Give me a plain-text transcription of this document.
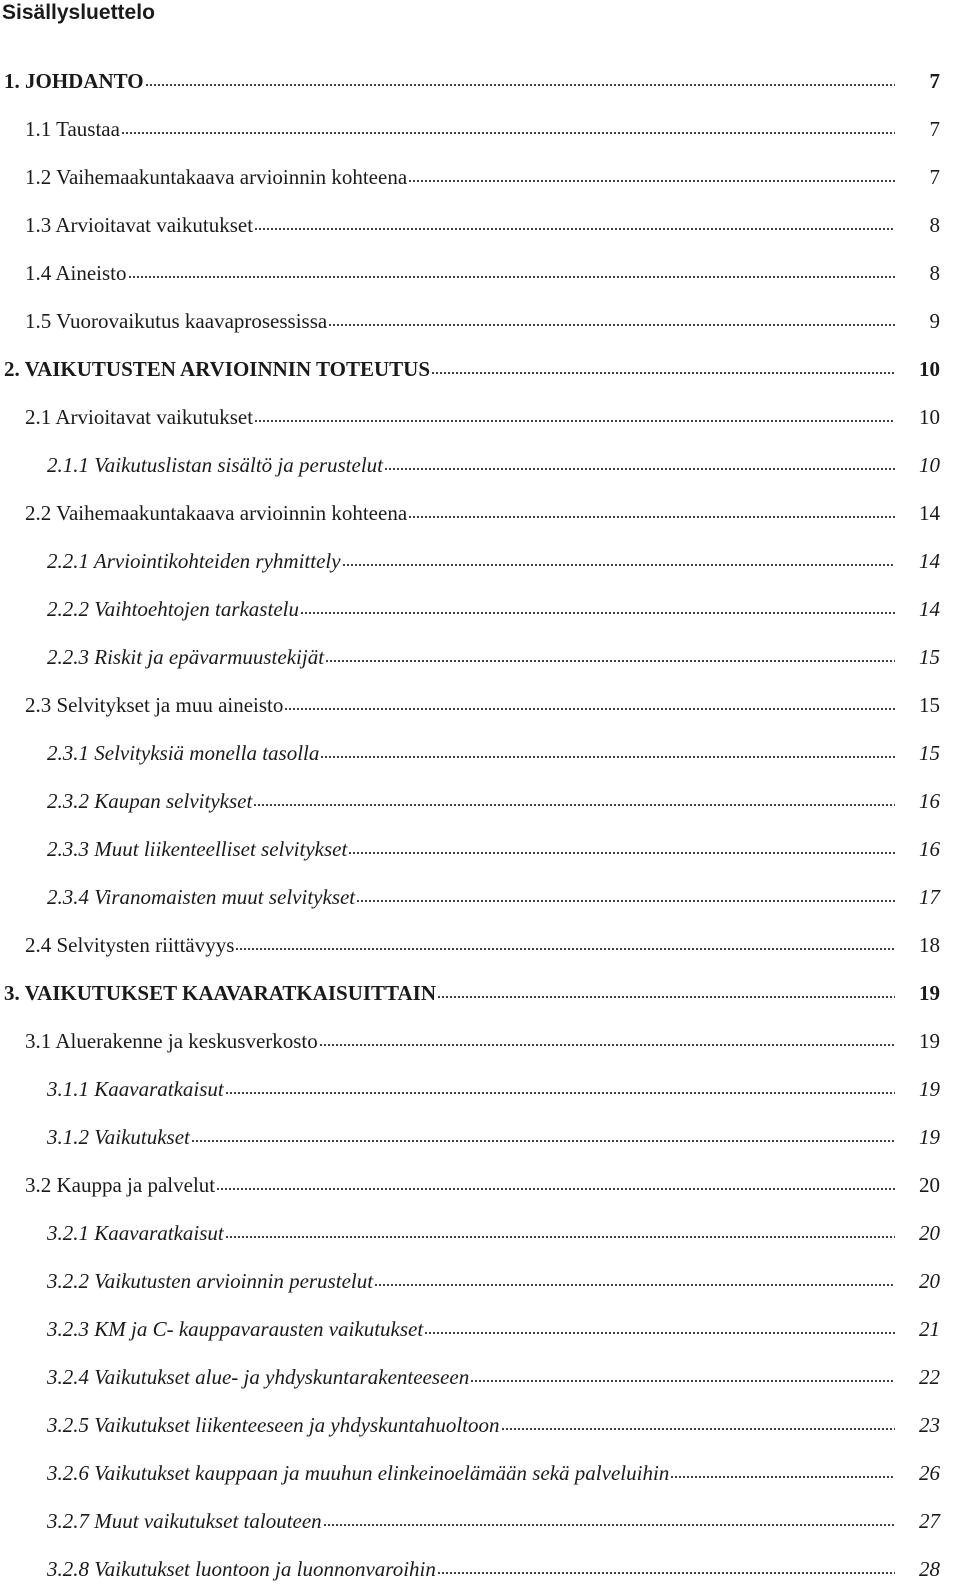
Sisällysluettelo
1. JOHDANTO	7
1.1 Taustaa	7
1.2 Vaihemaakuntakaava arvioinnin kohteena	7
1.3 Arvioitavat vaikutukset	8
1.4 Aineisto	8
1.5 Vuorovaikutus kaavaprosessissa	9
2. VAIKUTUSTEN ARVIOINNIN TOTEUTUS	10
2.1 Arvioitavat vaikutukset	10
2.1.1 Vaikutuslistan sisältö ja perustelut	10
2.2 Vaihemaakuntakaava arvioinnin kohteena	14
2.2.1 Arviointikohteiden ryhmittely	14
2.2.2 Vaihtoehtojen tarkastelu	14
2.2.3 Riskit ja epävarmuustekijät	15
2.3 Selvitykset ja muu aineisto	15
2.3.1 Selvityksiä monella tasolla	15
2.3.2 Kaupan selvitykset	16
2.3.3 Muut liikenteelliset selvitykset	16
2.3.4 Viranomaisten muut selvitykset	17
2.4 Selvitysten riittävyys	18
3. VAIKUTUKSET KAAVARATKAISUITTAIN	19
3.1 Aluerakenne ja keskusverkosto	19
3.1.1 Kaavaratkaisut	19
3.1.2 Vaikutukset	19
3.2 Kauppa ja palvelut	20
3.2.1 Kaavaratkaisut	20
3.2.2 Vaikutusten arvioinnin perustelut	20
3.2.3 KM ja C- kauppavarausten vaikutukset	21
3.2.4 Vaikutukset alue- ja yhdyskuntarakenteeseen	22
3.2.5 Vaikutukset liikenteeseen ja yhdyskuntahuoltoon	23
3.2.6 Vaikutukset kauppaan ja muuhun elinkeinoelämään sekä palveluihin	26
3.2.7 Muut vaikutukset talouteen	27
3.2.8 Vaikutukset luontoon ja luonnonvaroihin	28
